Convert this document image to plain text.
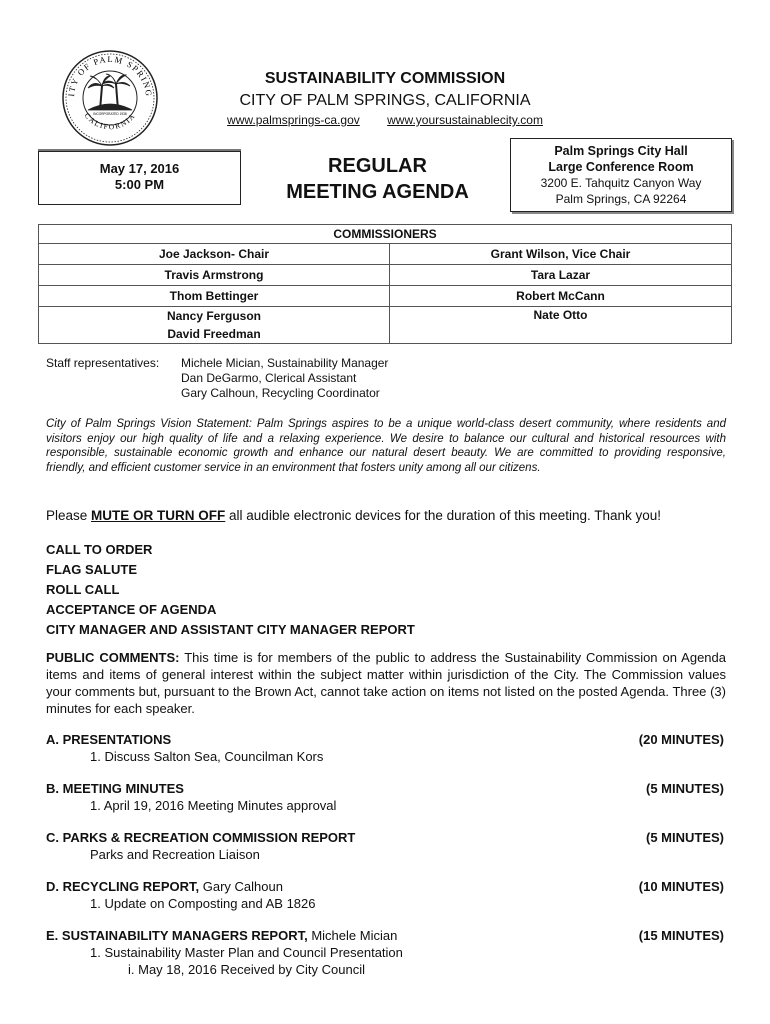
ITY OF PALM SPRING
CALIFORNIA
INCORPORATED 1938
SUSTAINABILITY COMMISSION
CITY OF PALM SPRINGS, CALIFORNIA
www.palmsprings-ca.gov www.yoursustainablecity.com
May 17, 2016
5:00 PM
REGULAR
MEETING AGENDA
Palm Springs City Hall
Large Conference Room
3200 E. Tahquitz Canyon Way
Palm Springs, CA 92264
COMMISSIONERS	
Joe Jackson- Chair	Grant Wilson, Vice Chair
Travis Armstrong	Tara Lazar
Thom Bettinger	Robert McCann
Nancy Ferguson	Nate Otto
David Freedman	
Staff representatives:	Michele Mician, Sustainability Manager
Dan DeGarmo, Clerical Assistant
Gary Calhoun, Recycling Coordinator
City of Palm Springs Vision Statement: Palm Springs aspires to be a unique world-class desert community, where residents and visitors enjoy our high quality of life and a relaxing experience. We desire to balance our cultural and historical resources with responsible, sustainable economic growth and enhance our natural desert beauty. We are committed to providing responsive, friendly, and efficient customer service in an environment that fosters unity among all our citizens.
Please MUTE OR TURN OFF all audible electronic devices for the duration of this meeting. Thank you!
CALL TO ORDER
FLAG SALUTE
ROLL CALL
ACCEPTANCE OF AGENDA
CITY MANAGER AND ASSISTANT CITY MANAGER REPORT
PUBLIC COMMENTS: This time is for members of the public to address the Sustainability Commission on Agenda items and items of general interest within the subject matter within jurisdiction of the City. The Commission values your comments but, pursuant to the Brown Act, cannot take action on items not listed on the posted Agenda. Three (3) minutes for each speaker.
A. PRESENTATIONS	(20 MINUTES)
1. Discuss Salton Sea, Councilman Kors
B. MEETING MINUTES	(5 MINUTES)
1. April 19, 2016 Meeting Minutes approval
C. PARKS & RECREATION COMMISSION REPORT	(5 MINUTES)
Parks and Recreation Liaison
D. RECYCLING REPORT, Gary Calhoun	(10 MINUTES)
1. Update on Composting and AB 1826
E. SUSTAINABILITY MANAGERS REPORT, Michele Mician	(15 MINUTES)
1. Sustainability Master Plan and Council Presentation
i. May 18, 2016 Received by City Council
